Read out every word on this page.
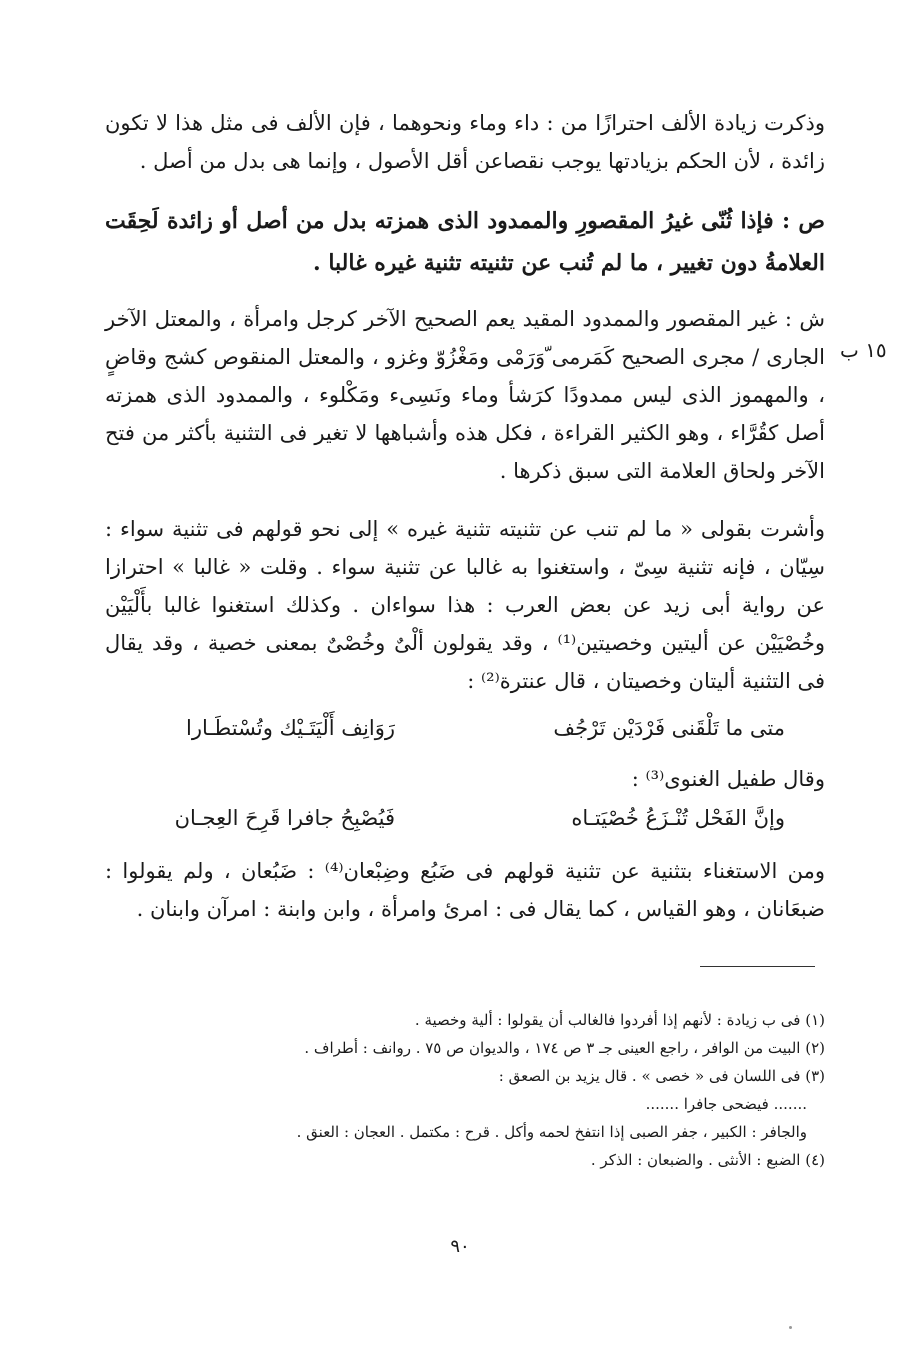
وذكرت زيادة الألف احترازًا من : داء وماء ونحوهما ، فإن الألف فى مثل هذا لا تكون زائدة ، لأن الحكم بزيادتها يوجب نقصاعن أقل الأصول ، وإنما هى بدل من أصل .

ص : فإذا ثُنّى غيرُ المقصورِ والممدود الذى همزته بدل من أصل أو زائدة لَحِقَت العلامةُ دون تغيير ، ما لم تُنب عن تثنيته تثنية غيره غالبا .

١٥ ب

ش : غير المقصور والممدود المقيد يعم الصحيح الآخر كرجل وامرأة ، والمعتل الآخر الجارى / مجرى الصحيح كَمَرمى ّوَرَمْى ومَغْزُوّ وغزو ، والمعتل المنقوص كشج وقاضٍ ، والمهموز الذى ليس ممدودًا كرَشأ وماء ونَسِىء ومَكْلوء ، والممدود الذى همزته أصل كقُرَّاء ، وهو الكثير القراءة ، فكل هذه وأشباهها لا تغير فى التثنية بأكثر من فتح الآخر ولحاق العلامة التى سبق ذكرها .

وأشرت بقولى « ما لم تنب عن تثنيته تثنية غيره » إلى نحو قولهم فى تثنية سواء : سِيّان ، فإنه تثنية سِىّ ، واستغنوا به غالبا عن تثنية سواء . وقلت « غالبا » احترازا عن رواية أبى زيد عن بعض العرب : هذا سواءان . وكذلك استغنوا غالبا بأَلْيَيْن وخُصْيَيْن عن أليتين وخصيتين⁽¹⁾ ، وقد يقولون ألْىٌ وخُصْىٌ بمعنى خصية ، وقد يقال فى التثنية أليتان وخصيتان ، قال عنترة⁽²⁾ :

متى ما تَلْقَنى فَرْدَيْن تَرْجُف
رَوَانِف أَلْيَتَـيْك وتُسْتطَـارا

وقال طفيل الغنوى⁽³⁾ :

وإنَّ الفَحْل تُنْـزَعُ خُصْيَتـاه
فَيُصْبِحُ جافرا قَرِحَ العِجـان

ومن الاستغناء بتثنية عن تثنية قولهم فى ضَبُع وضِبْعان⁽⁴⁾ : ضَبُعان ، ولم يقولوا : ضبعَانان ، وهو القياس ، كما يقال فى : امرئ وامرأة ، وابن وابنة : امرآن وابنان .

(١) فى ب زيادة : لأنهم إذا أفردوا فالغالب أن يقولوا : ألية وخصية .
(٢) البيت من الوافر ، راجع العينى جـ ٣ ص ١٧٤ ، والديوان ص ٧٥ . روانف : أطراف .
(٣) فى اللسان فى « خصى » . قال يزيد بن الصعق :
....... فيضحى جافرا .......
والجافر : الكبير ، جفر الصبى إذا انتفخ لحمه وأكل . قرح : مكتمل . العجان : العنق .
(٤) الضبع : الأنثى . والضبعان : الذكر .
٩٠
